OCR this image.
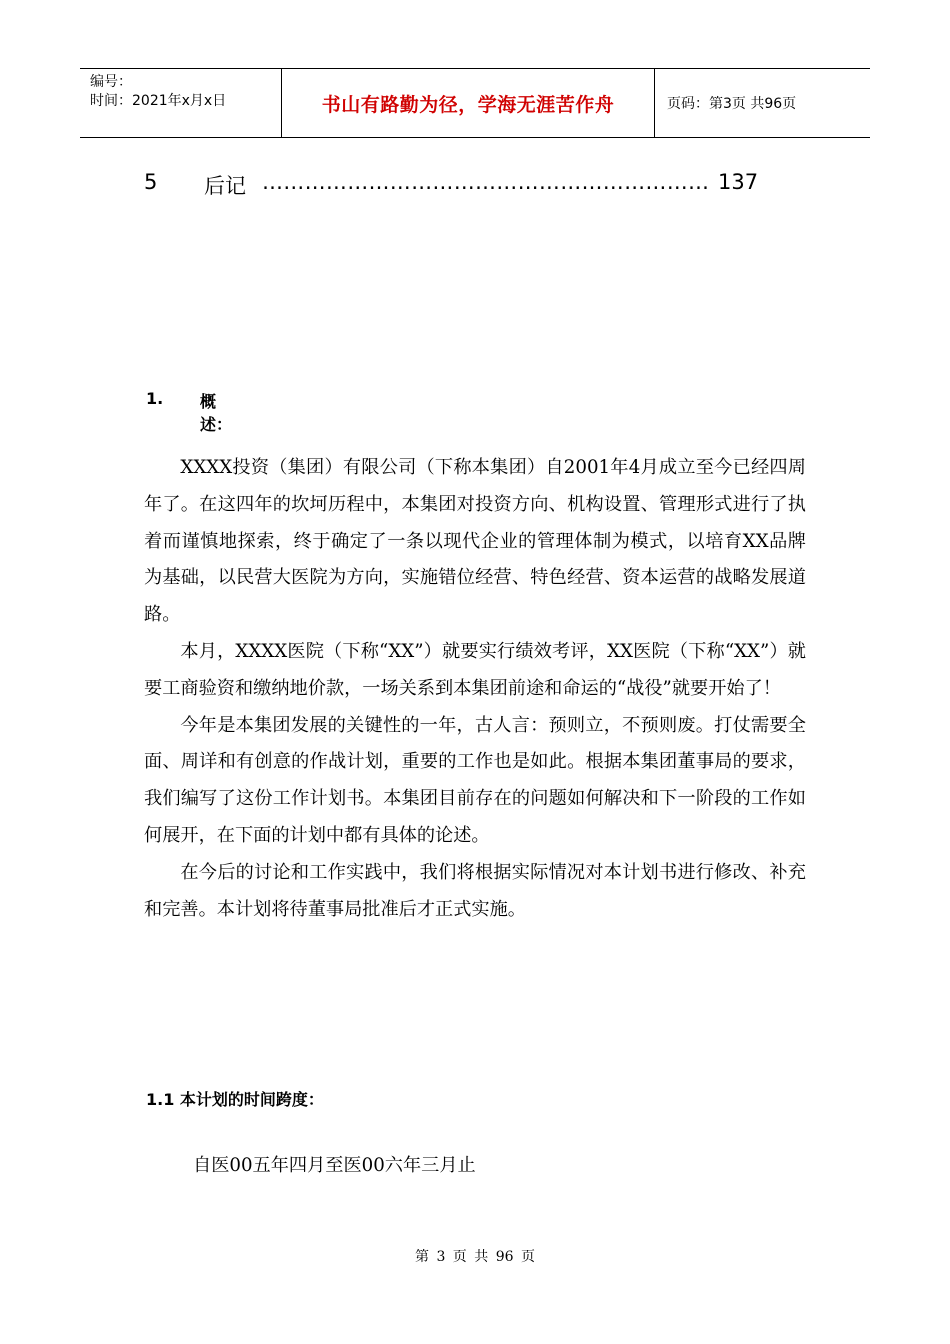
编号：
时间：2021年x月x日	书山有路勤为径，学海无涯苦作舟	页码：第3页 共96页
5 后记 ……………………………………………………… 137
1. 概述：

XXXX投资（集团）有限公司（下称本集团）自2001年4月成立至今已经四周年了。在这四年的坎坷历程中，本集团对投资方向、机构设置、管理形式进行了执着而谨慎地探索，终于确定了一条以现代企业的管理体制为模式，以培育XX品牌为基础，以民营大医院为方向，实施错位经营、特色经营、资本运营的战略发展道路。

本月，XXXX医院（下称“XX”）就要实行绩效考评，XX医院（下称“XX”）就要工商验资和缴纳地价款，一场关系到本集团前途和命运的“战役”就要开始了！

今年是本集团发展的关键性的一年，古人言：预则立，不预则废。打仗需要全面、周详和有创意的作战计划，重要的工作也是如此。根据本集团董事局的要求，我们编写了这份工作计划书。本集团目前存在的问题如何解决和下一阶段的工作如何展开，在下面的计划中都有具体的论述。

在今后的讨论和工作实践中，我们将根据实际情况对本计划书进行修改、补充和完善。本计划将待董事局批准后才正式实施。

1.1 本计划的时间跨度：
自医00五年四月至医00六年三月止
第 3 页 共 96 页
